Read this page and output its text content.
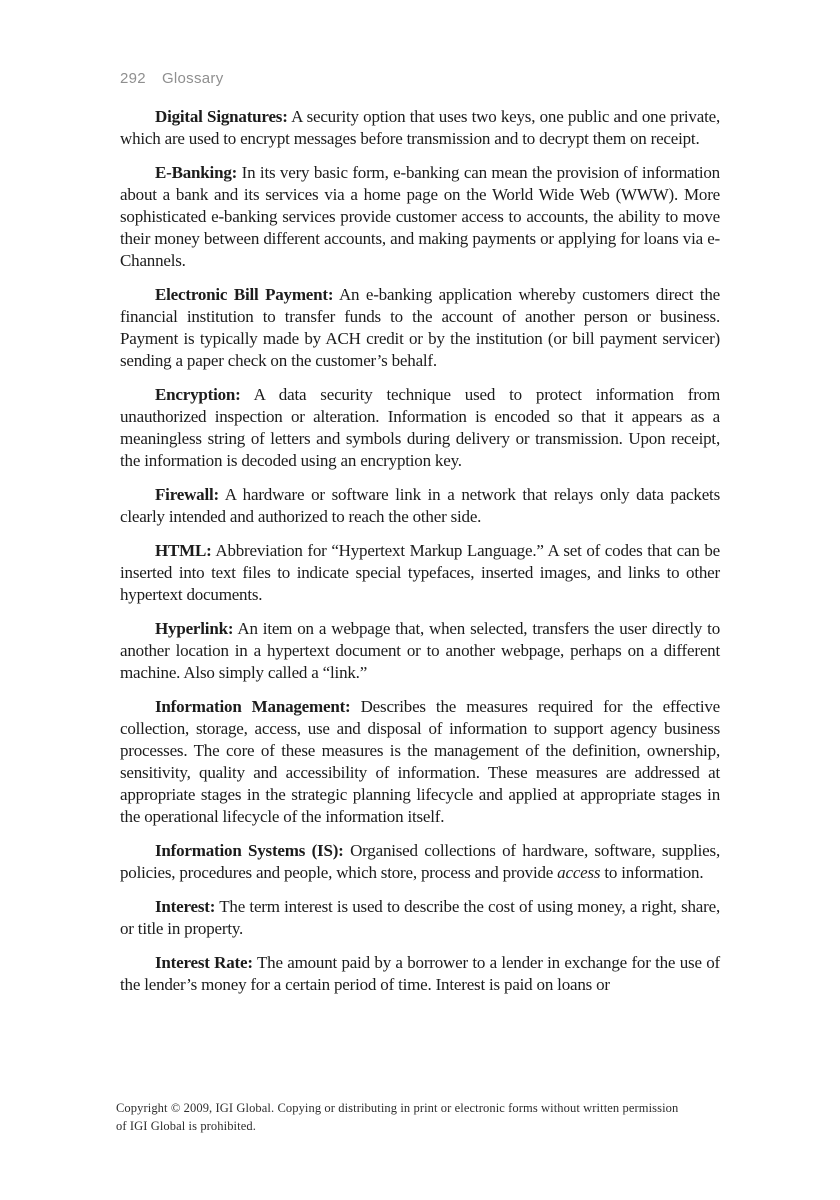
292 Glossary

Digital Signatures: A security option that uses two keys, one public and one private, which are used to encrypt messages before transmission and to decrypt them on receipt.

E-Banking: In its very basic form, e-banking can mean the provision of information about a bank and its services via a home page on the World Wide Web (WWW). More sophisticated e-banking services provide customer access to accounts, the ability to move their money between different accounts, and making payments or applying for loans via e-Channels.

Electronic Bill Payment: An e-banking application whereby customers direct the financial institution to transfer funds to the account of another person or business. Payment is typically made by ACH credit or by the institution (or bill payment servicer) sending a paper check on the customer’s behalf.

Encryption: A data security technique used to protect information from unauthorized inspection or alteration. Information is encoded so that it appears as a meaningless string of letters and symbols during delivery or transmission. Upon receipt, the information is decoded using an encryption key.

Firewall: A hardware or software link in a network that relays only data packets clearly intended and authorized to reach the other side.

HTML: Abbreviation for “Hypertext Markup Language.” A set of codes that can be inserted into text files to indicate special typefaces, inserted images, and links to other hypertext documents.

Hyperlink: An item on a webpage that, when selected, transfers the user directly to another location in a hypertext document or to another webpage, perhaps on a different machine. Also simply called a “link.”

Information Management: Describes the measures required for the effective collection, storage, access, use and disposal of information to support agency business processes. The core of these measures is the management of the definition, ownership, sensitivity, quality and accessibility of information. These measures are addressed at appropriate stages in the strategic planning lifecycle and applied at appropriate stages in the operational lifecycle of the information itself.

Information Systems (IS): Organised collections of hardware, software, supplies, policies, procedures and people, which store, process and provide access to information.

Interest: The term interest is used to describe the cost of using money, a right, share, or title in property.

Interest Rate: The amount paid by a borrower to a lender in exchange for the use of the lender’s money for a certain period of time. Interest is paid on loans or

Copyright © 2009, IGI Global. Copying or distributing in print or electronic forms without written permission
of IGI Global is prohibited.
